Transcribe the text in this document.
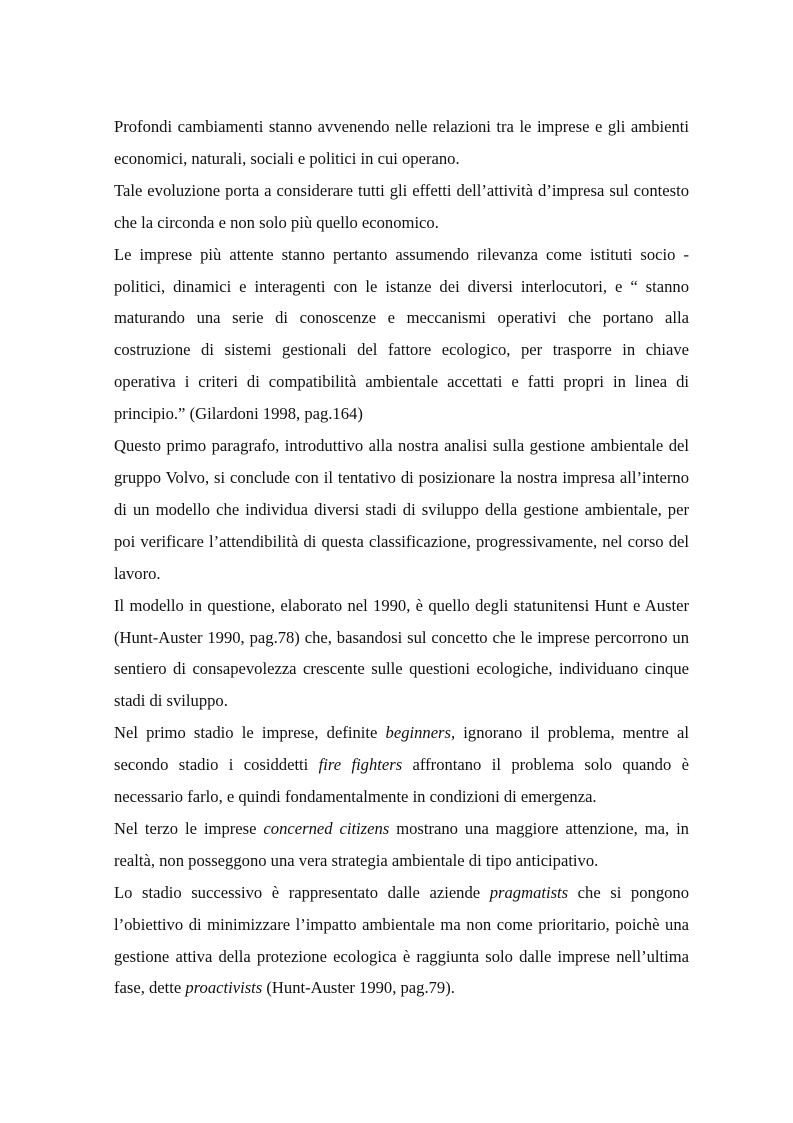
Profondi cambiamenti stanno avvenendo nelle relazioni tra le imprese e gli ambienti economici, naturali, sociali e politici in cui operano.

Tale evoluzione porta a considerare tutti gli effetti dell’attività d’impresa sul contesto che la circonda e non solo più quello economico.

Le imprese più attente stanno pertanto assumendo rilevanza come istituti socio - politici, dinamici e interagenti con le istanze dei diversi interlocutori, e “ stanno maturando una serie di conoscenze e meccanismi operativi che portano alla costruzione di sistemi gestionali del fattore ecologico, per trasporre in chiave operativa i criteri di compatibilità ambientale accettati e fatti propri in linea di principio.” (Gilardoni 1998, pag.164)

Questo primo paragrafo, introduttivo alla nostra analisi sulla gestione ambientale del gruppo Volvo, si conclude con il tentativo di posizionare la nostra impresa all’interno di un modello che individua diversi stadi di sviluppo della gestione ambientale, per poi verificare l’attendibilità di questa classificazione, progressivamente, nel corso del lavoro.

Il modello in questione, elaborato nel 1990, è quello degli statunitensi Hunt e Auster (Hunt-Auster 1990, pag.78) che, basandosi sul concetto che le imprese percorrono un sentiero di consapevolezza crescente sulle questioni ecologiche, individuano cinque stadi di sviluppo.

Nel primo stadio le imprese, definite beginners, ignorano il problema, mentre al secondo stadio i cosiddetti fire fighters affrontano il problema solo quando è necessario farlo, e quindi fondamentalmente in condizioni di emergenza.

Nel terzo le imprese concerned citizens mostrano una maggiore attenzione, ma, in realtà, non posseggono una vera strategia ambientale di tipo anticipativo.

Lo stadio successivo è rappresentato dalle aziende pragmatists che si pongono l’obiettivo di minimizzare l’impatto ambientale ma non come prioritario, poichè una gestione attiva della protezione ecologica è raggiunta solo dalle imprese nell’ultima fase, dette proactivists (Hunt-Auster 1990, pag.79).
